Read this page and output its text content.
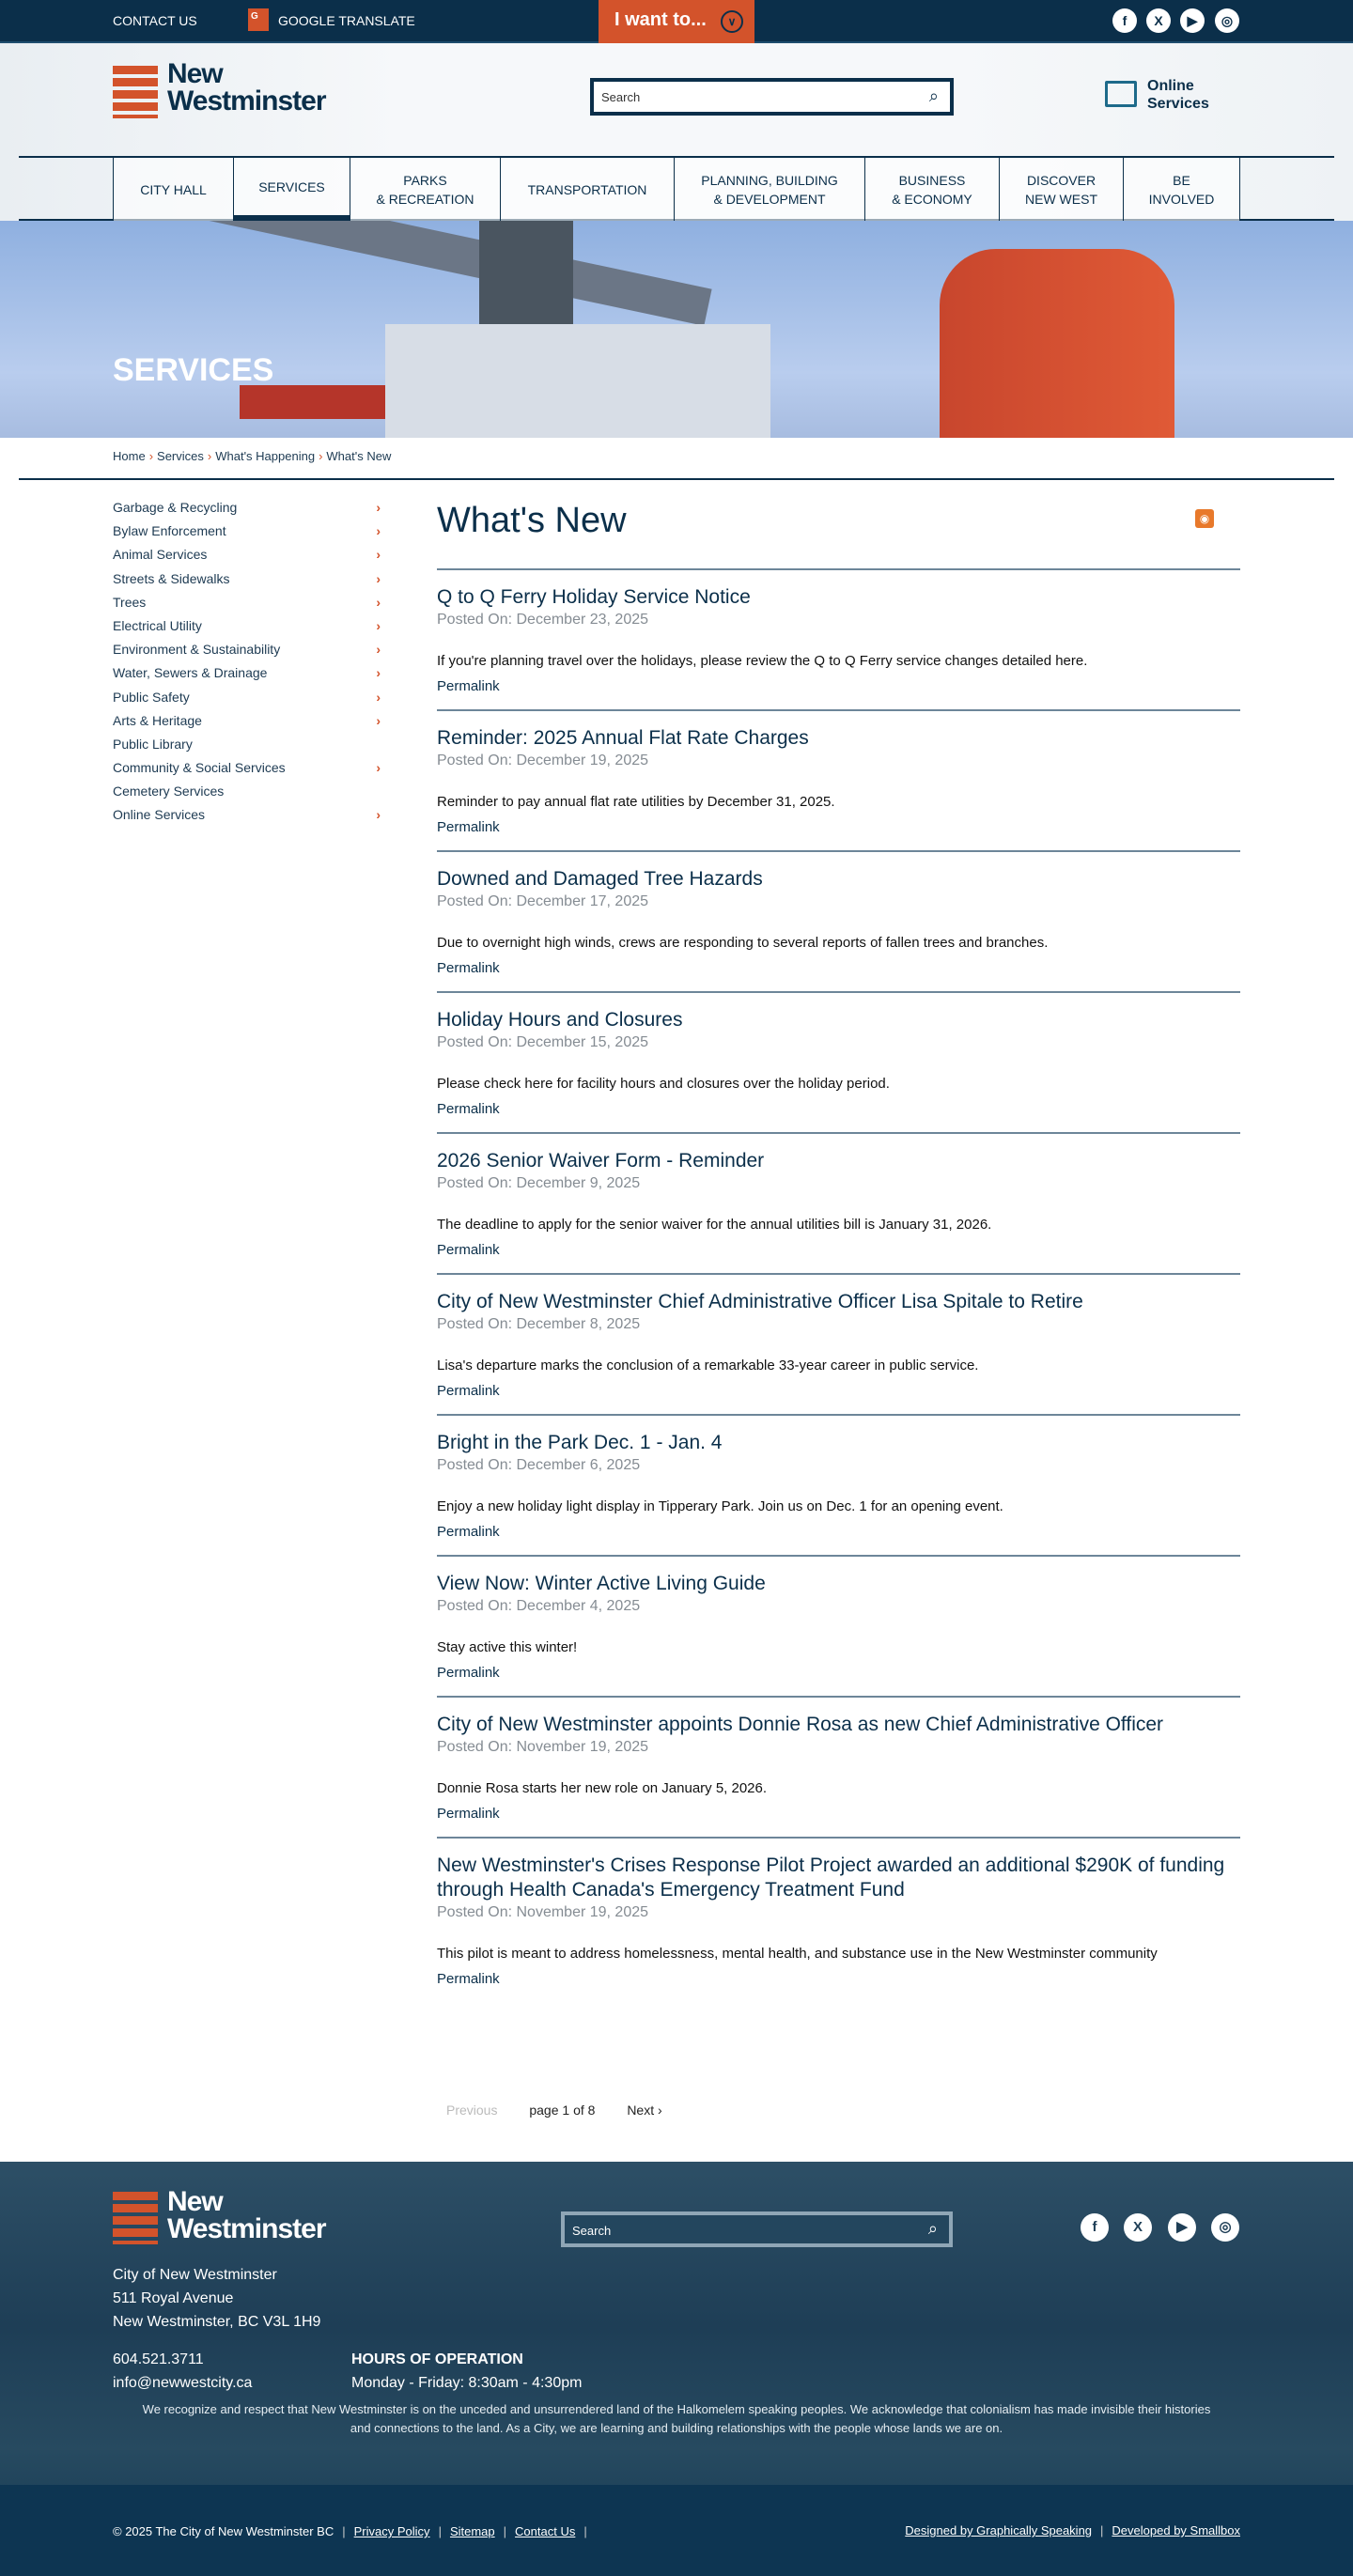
CONTACT US	G	GOOGLE TRANSLATE	I want to...	∨	f	X	▶	◎
New
Westminster	Search	⌕
Online Services
CITY HALL	SERVICES	PARKS
& RECREATION
TRANSPORTATION
PLANNING, BUILDING
& DEVELOPMENT
BUSINESS
& ECONOMY
DISCOVER
NEW WEST
BE
INVOLVED
SERVICES
Home › Services › What's Happening › What's New
Garbage & Recycling	›
Bylaw Enforcement	›
Animal Services	›
Streets & Sidewalks	›
Trees	›
Electrical Utility	›
Environment & Sustainability	›
Water, Sewers & Drainage	›
Public Safety	›
Arts & Heritage	›
Public Library
Community & Social Services	›
Cemetery Services
Online Services	›
What's New	◉
Q to Q Ferry Holiday Service Notice
Posted On: December 23, 2025
If you're planning travel over the holidays, please review the Q to Q Ferry service changes detailed here.
Permalink
Reminder: 2025 Annual Flat Rate Charges
Posted On: December 19, 2025
Reminder to pay annual flat rate utilities by December 31, 2025.
Permalink
Downed and Damaged Tree Hazards
Posted On: December 17, 2025
Due to overnight high winds, crews are responding to several reports of fallen trees and branches.
Permalink
Holiday Hours and Closures
Posted On: December 15, 2025
Please check here for facility hours and closures over the holiday period.
Permalink
2026 Senior Waiver Form - Reminder
Posted On: December 9, 2025
The deadline to apply for the senior waiver for the annual utilities bill is January 31, 2026.
Permalink
City of New Westminster Chief Administrative Officer Lisa Spitale to Retire
Posted On: December 8, 2025
Lisa's departure marks the conclusion of a remarkable 33-year career in public service.
Permalink
Bright in the Park Dec. 1 - Jan. 4
Posted On: December 6, 2025
Enjoy a new holiday light display in Tipperary Park. Join us on Dec. 1 for an opening event.
Permalink
View Now: Winter Active Living Guide
Posted On: December 4, 2025
Stay active this winter!
Permalink
City of New Westminster appoints Donnie Rosa as new Chief Administrative Officer
Posted On: November 19, 2025
Donnie Rosa starts her new role on January 5, 2026.
Permalink
New Westminster's Crises Response Pilot Project awarded an additional $290K of funding through Health Canada's Emergency Treatment Fund
Posted On: November 19, 2025
This pilot is meant to address homelessness, mental health, and substance use in the New Westminster community
Permalink
Previous page 1 of 8 Next ›
New
Westminster	Search	⌕	f	X	▶	◎
City of New Westminster
511 Royal Avenue
New Westminster, BC V3L 1H9
604.521.3711
info@newwestcity.ca
HOURS OF OPERATION
Monday - Friday: 8:30am - 4:30pm

We recognize and respect that New Westminster is on the unceded and unsurrendered land of the Halkomelem speaking peoples. We acknowledge that colonialism has made invisible their histories and connections to the land. As a City, we are learning and building relationships with the people whose lands we are on.

© 2025 The City of New Westminster BC | Privacy Policy | Sitemap | Contact Us |	Designed by Graphically Speaking | Developed by Smallbox
